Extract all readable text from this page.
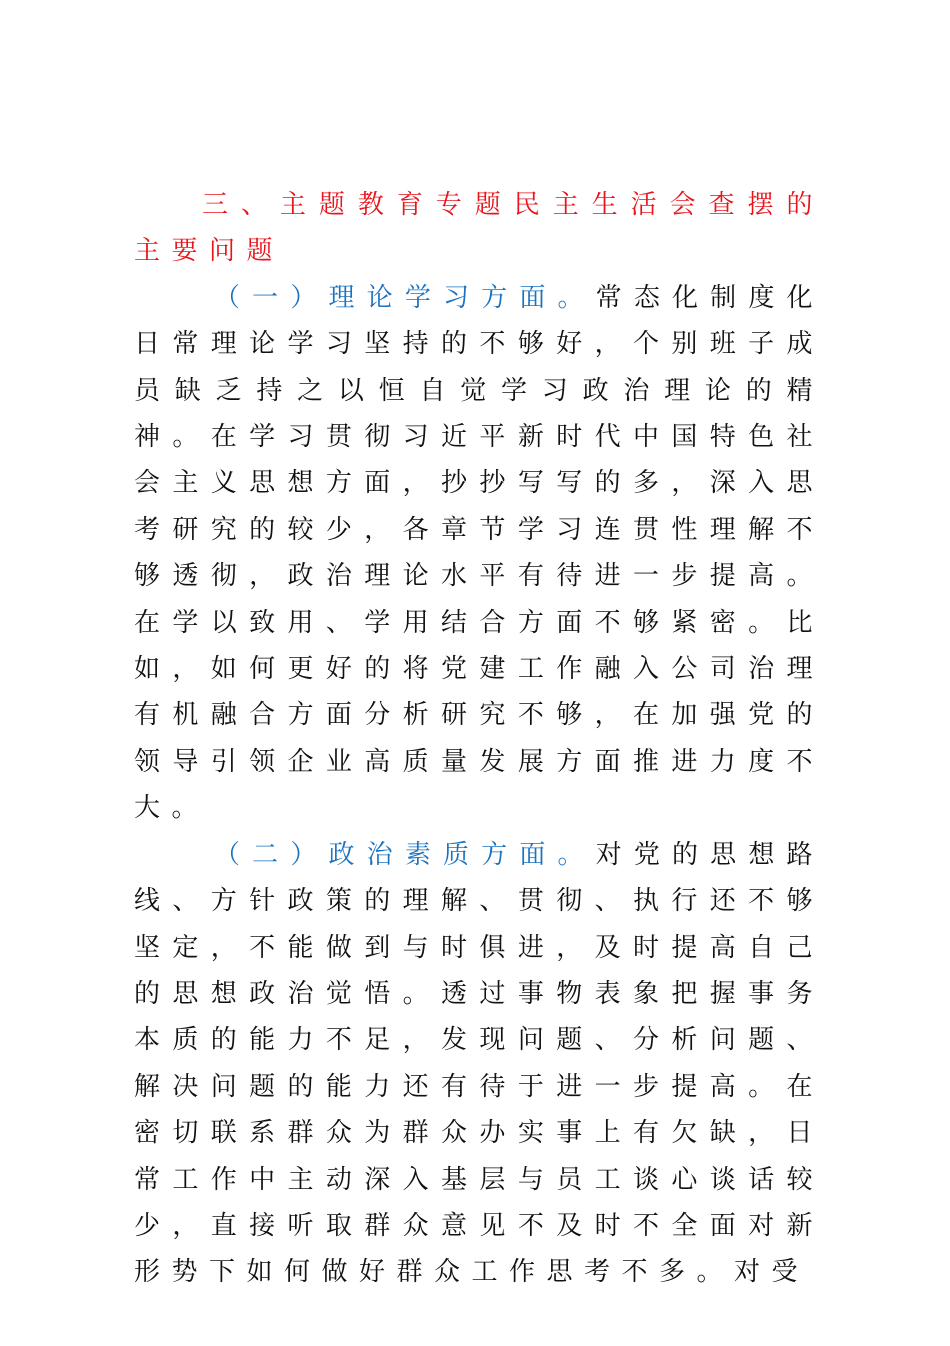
三、主题教育专题民主生活会查摆的主要问题

（一）理论学习方面。常态化制度化日常理论学习坚持的不够好，个别班子成员缺乏持之以恒自觉学习政治理论的精神。在学习贯彻习近平新时代中国特色社会主义思想方面，抄抄写写的多，深入思考研究的较少，各章节学习连贯性理解不够透彻，政治理论水平有待进一步提高。在学以致用、学用结合方面不够紧密。比如，如何更好的将党建工作融入公司治理有机融合方面分析研究不够，在加强党的领导引领企业高质量发展方面推进力度不大。

（二）政治素质方面。对党的思想路线、方针政策的理解、贯彻、执行还不够坚定，不能做到与时俱进，及时提高自己的思想政治觉悟。透过事物表象把握事务本质的能力不足，发现问题、分析问题、解决问题的能力还有待于进一步提高。在密切联系群众为群众办实事上有欠缺，日常工作中主动深入基层与员工谈心谈话较少，直接听取群众意见不及时不全面对新形势下如何做好群众工作思考不多。对受
